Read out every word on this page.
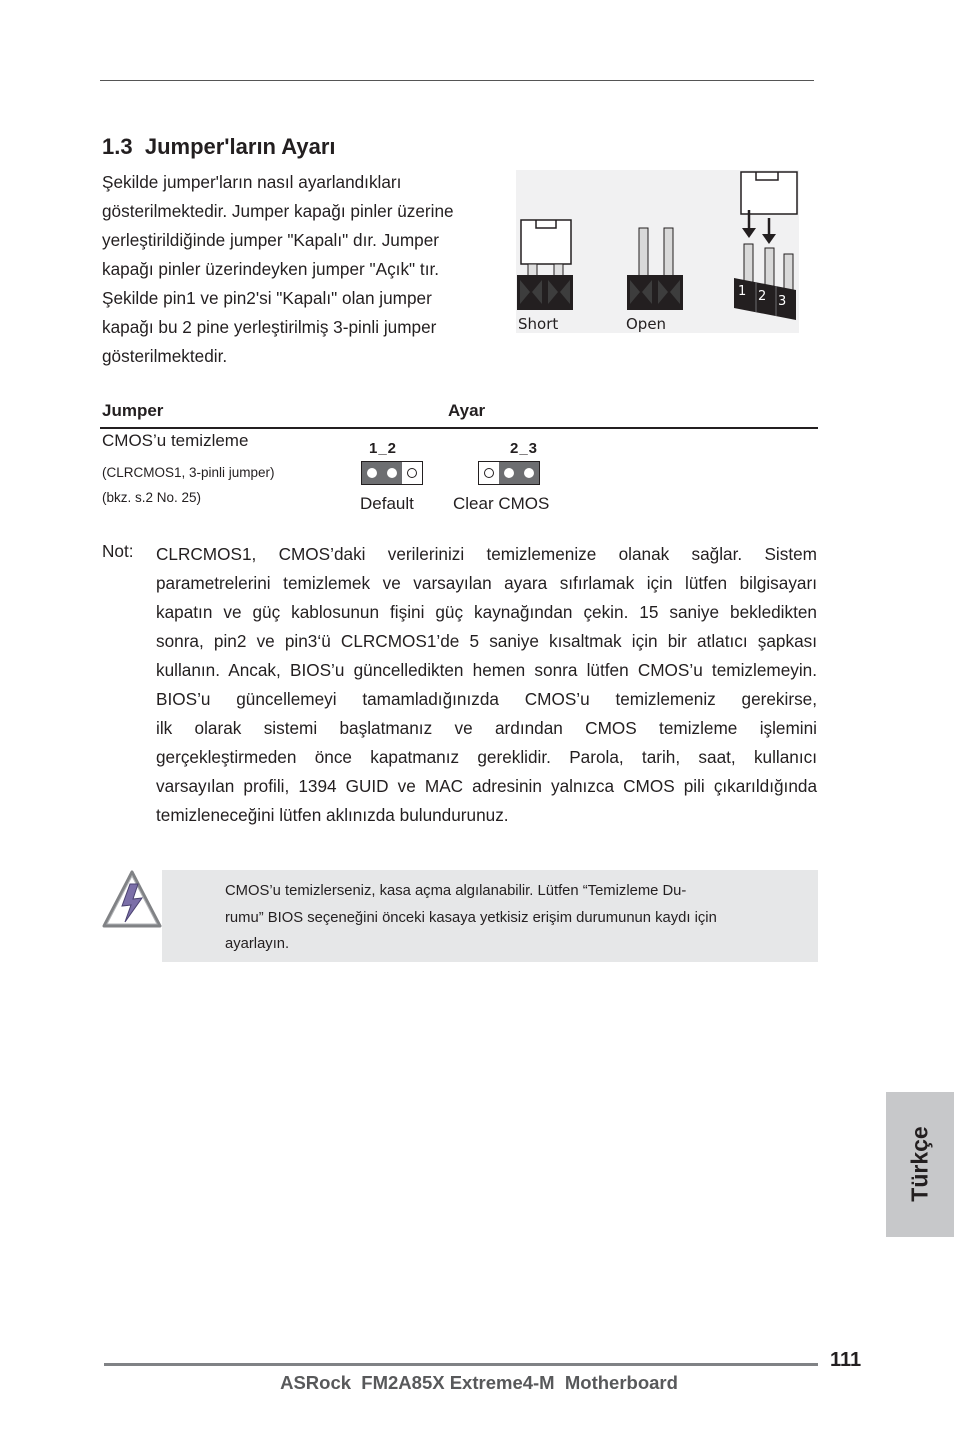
1.3 Jumper'ların Ayarı
Şekilde jumper'ların nasıl ayarlandıkları
gösterilmektedir. Jumper kapağı pinler üzerine
yerleştirildiğinde jumper "Kapalı" dır. Jumper
kapağı pinler üzerindeyken jumper "Açık" tır.
Şekilde pin1 ve pin2'si "Kapalı" olan jumper
kapağı bu 2 pine yerleştirilmiş 3-pinli jumper
gösterilmektedir.
Short	Open
1 2 3
Jumper	Ayar
CMOS’u temizleme
(CLRCMOS1, 3-pinli jumper)
(bkz. s.2 No. 25)
1_2
Default
2_3
Clear CMOS
Not: CLRCMOS1, CMOS’daki verilerinizi temizlemenize olanak sağlar. Sistem
parametrelerini temizlemek ve varsayılan ayara sıfırlamak için lütfen bilgisayarı
kapatın ve güç kablosunun fişini güç kaynağından çekin. 15 saniye bekledikten
sonra, pin2 ve pin3‘ü CLRCMOS1’de 5 saniye kısaltmak için bir atlatıcı şapkası
kullanın. Ancak, BIOS’u güncelledikten hemen sonra lütfen CMOS’u temizlemeyin.
BIOS’u güncellemeyi tamamladığınızda CMOS’u temizlemeniz gerekirse,
ilk olarak sistemi başlatmanız ve ardından CMOS temizleme işlemini
gerçekleştirmeden önce kapatmanız gereklidir. Parola, tarih, saat, kullanıcı
varsayılan profili, 1394 GUID ve MAC adresinin yalnızca CMOS pili çıkarıldığında
temizleneceğini lütfen aklınızda bulundurunuz.
CMOS’u temizlerseniz, kasa açma algılanabilir. Lütfen “Temizleme Du-
rumu” BIOS seçeneğini önceki kasaya yetkisiz erişim durumunun kaydı için
ayarlayın.
Türkçe
111
ASRock  FM2A85X Extreme4-M  Motherboard
